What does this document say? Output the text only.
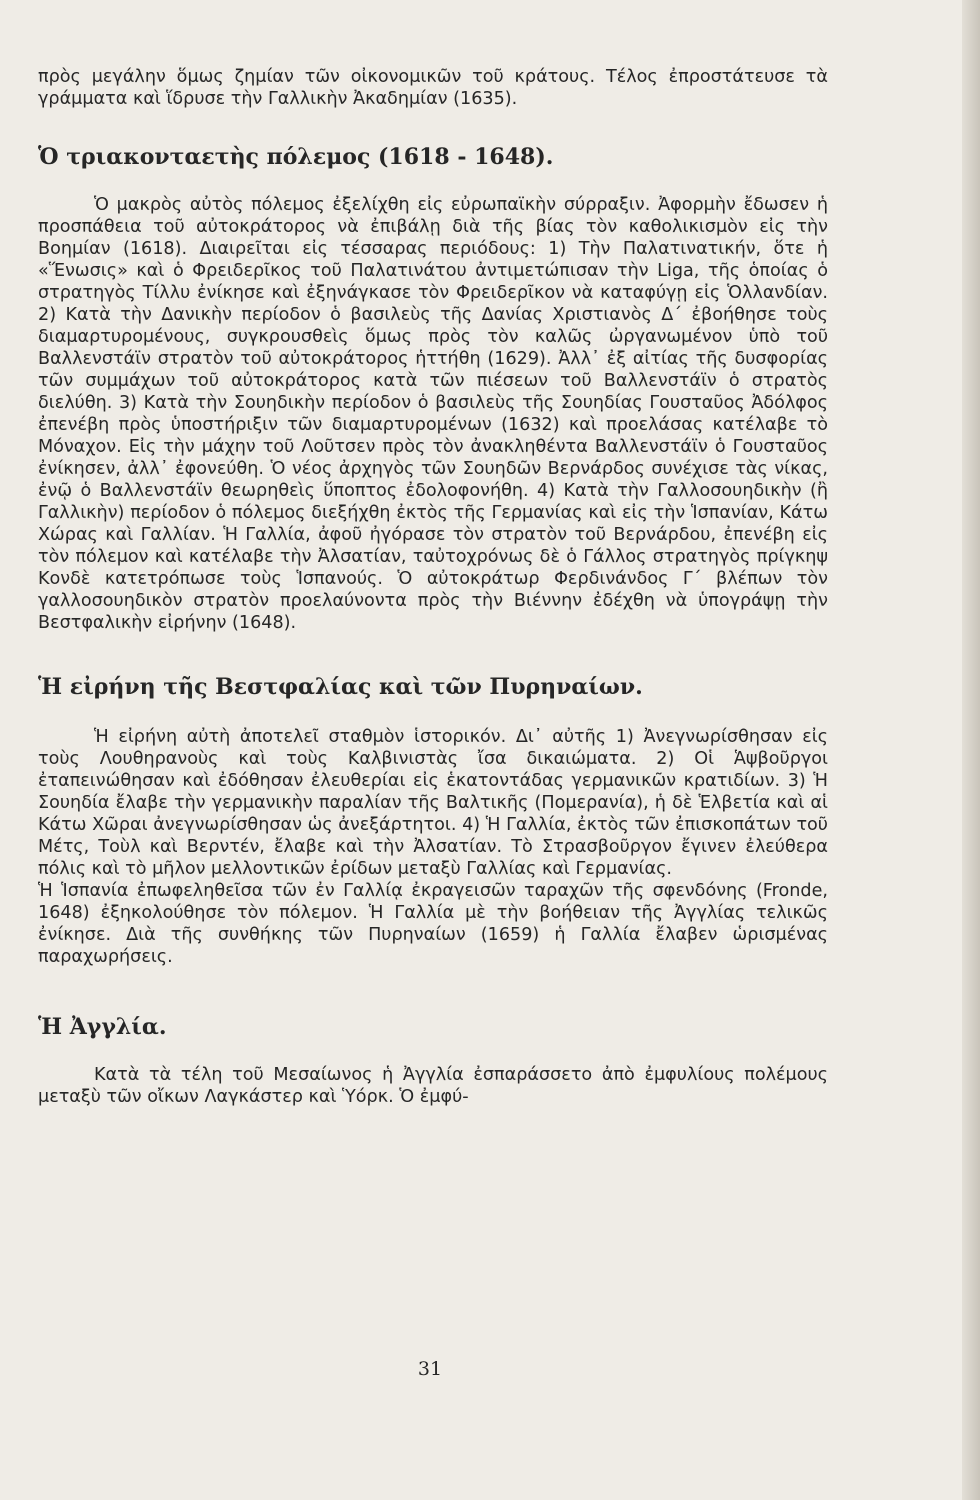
πρὸς μεγάλην ὅμως ζημίαν τῶν οἰκονομικῶν τοῦ κράτους. Τέλος ἐπροστάτευσε τὰ γράμματα καὶ ἵδρυσε τὴν Γαλλικὴν Ἀκαδημίαν (1635).

Ὁ τριακονταετὴς πόλεμος (1618 - 1648).

Ὁ μακρὸς αὐτὸς πόλεμος ἐξελίχθη εἰς εὐρωπαϊκὴν σύρραξιν. Ἀφορμὴν ἔδωσεν ἡ προσπάθεια τοῦ αὐτοκράτορος νὰ ἐπιβάλῃ διὰ τῆς βίας τὸν καθολικισμὸν εἰς τὴν Βοημίαν (1618). Διαιρεῖται εἰς τέσσαρας περιόδους: 1) Τὴν Παλατινατικήν, ὅτε ἡ «Ἕνωσις» καὶ ὁ Φρειδερῖκος τοῦ Παλατινάτου ἀντιμετώπισαν τὴν Liga, τῆς ὁποίας ὁ στρατηγὸς Τίλλυ ἐνίκησε καὶ ἐξηνάγκασε τὸν Φρειδερῖκον νὰ καταφύγῃ εἰς Ὁλλανδίαν. 2) Κατὰ τὴν Δανικὴν περίοδον ὁ βασιλεὺς τῆς Δανίας Χριστιανὸς Δ΄ ἐβοήθησε τοὺς διαμαρτυρομένους, συγκρουσθεὶς ὅμως πρὸς τὸν καλῶς ὠργανωμένον ὑπὸ τοῦ Βαλλενστάϊν στρατὸν τοῦ αὐτοκράτορος ἡττήθη (1629). Ἀλλ᾽ ἐξ αἰτίας τῆς δυσφορίας τῶν συμμάχων τοῦ αὐτοκράτορος κατὰ τῶν πιέσεων τοῦ Βαλλενστάϊν ὁ στρατὸς διελύθη. 3) Κατὰ τὴν Σουηδικὴν περίοδον ὁ βασιλεὺς τῆς Σουηδίας Γουσταῦος Ἀδόλφος ἐπενέβη πρὸς ὑποστήριξιν τῶν διαμαρτυρομένων (1632) καὶ προελάσας κατέλαβε τὸ Μόναχον. Εἰς τὴν μάχην τοῦ Λοῦτσεν πρὸς τὸν ἀνακληθέντα Βαλλενστάϊν ὁ Γουσταῦος ἐνίκησεν, ἀλλ᾽ ἐφονεύθη. Ὁ νέος ἀρχηγὸς τῶν Σουηδῶν Βερνάρδος συνέχισε τὰς νίκας, ἐνῷ ὁ Βαλλενστάϊν θεωρηθεὶς ὕποπτος ἐδολοφονήθη. 4) Κατὰ τὴν Γαλλοσουηδικὴν (ἢ Γαλλικὴν) περίοδον ὁ πόλεμος διεξήχθη ἐκτὸς τῆς Γερμανίας καὶ εἰς τὴν Ἱσπανίαν, Κάτω Χώρας καὶ Γαλλίαν. Ἡ Γαλλία, ἀφοῦ ἠγόρασε τὸν στρατὸν τοῦ Βερνάρδου, ἐπενέβη εἰς τὸν πόλεμον καὶ κατέλαβε τὴν Ἀλσατίαν, ταὐτοχρόνως δὲ ὁ Γάλλος στρατηγὸς πρίγκηψ Κονδὲ κατετρόπωσε τοὺς Ἱσπανούς. Ὁ αὐτοκράτωρ Φερδινάνδος Γ΄ βλέπων τὸν γαλλοσουηδικὸν στρατὸν προελαύνοντα πρὸς τὴν Βιέννην ἐδέχθη νὰ ὑπογράψῃ τὴν Βεστφαλικὴν εἰρήνην (1648).

Ἡ εἰρήνη τῆς Βεστφαλίας καὶ τῶν Πυρηναίων.

Ἡ εἰρήνη αὐτὴ ἀποτελεῖ σταθμὸν ἱστορικόν. Δι᾽ αὐτῆς 1) Ἀνεγνωρίσθησαν εἰς τοὺς Λουθηρανοὺς καὶ τοὺς Καλβινιστὰς ἴσα δικαιώματα. 2) Οἱ Ἁψβοῦργοι ἐταπεινώθησαν καὶ ἐδόθησαν ἐλευθερίαι εἰς ἑκατοντάδας γερμανικῶν κρατιδίων. 3) Ἡ Σουηδία ἔλαβε τὴν γερμανικὴν παραλίαν τῆς Βαλτικῆς (Πομερανία), ἡ δὲ Ἑλβετία καὶ αἱ Κάτω Χῶραι ἀνεγνωρίσθησαν ὡς ἀνεξάρτητοι. 4) Ἡ Γαλλία, ἐκτὸς τῶν ἐπισκοπάτων τοῦ Μέτς, Τοὺλ καὶ Βερντέν, ἔλαβε καὶ τὴν Ἀλσατίαν. Τὸ Στρασβοῦργον ἔγινεν ἐλεύθερα πόλις καὶ τὸ μῆλον μελλοντικῶν ἐρίδων μεταξὺ Γαλλίας καὶ Γερμανίας.

Ἡ Ἱσπανία ἐπωφεληθεῖσα τῶν ἐν Γαλλίᾳ ἐκραγεισῶν ταραχῶν τῆς σφενδόνης (Fronde, 1648) ἐξηκολούθησε τὸν πόλεμον. Ἡ Γαλλία μὲ τὴν βοήθειαν τῆς Ἀγγλίας τελικῶς ἐνίκησε. Διὰ τῆς συνθήκης τῶν Πυρηναίων (1659) ἡ Γαλλία ἔλαβεν ὡρισμένας παραχωρήσεις.

Ἡ Ἀγγλία.

Κατὰ τὰ τέλη τοῦ Μεσαίωνος ἡ Ἀγγλία ἐσπαράσσετο ἀπὸ ἐμφυλίους πολέμους μεταξὺ τῶν οἴκων Λαγκάστερ καὶ Ὑόρκ. Ὁ ἐμφύ-

31
